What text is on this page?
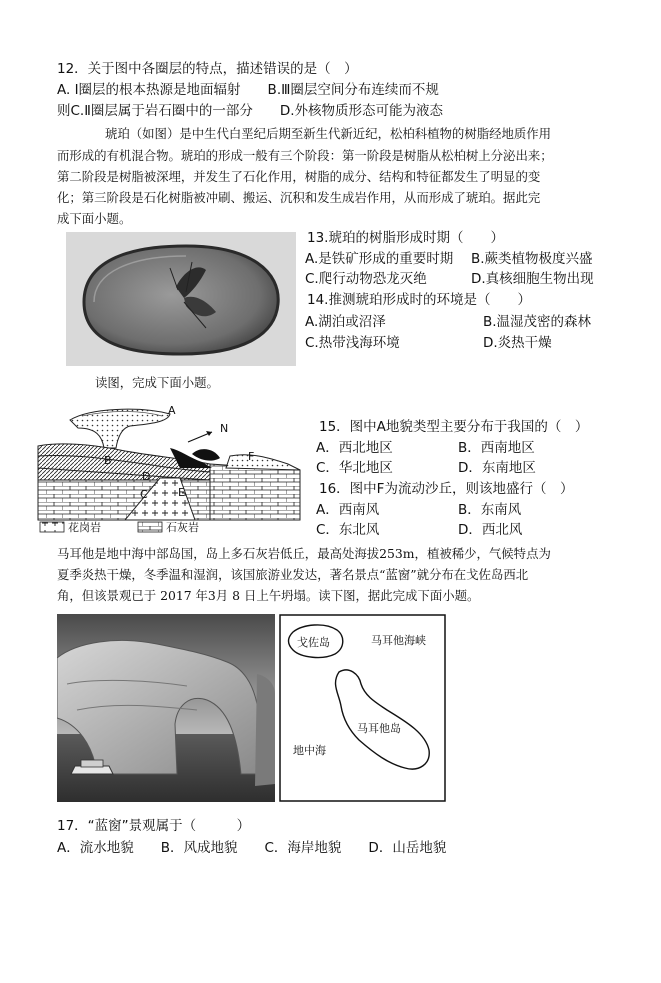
12．关于图中各圈层的特点，描述错误的是（　）
A. Ⅰ圈层的根本热源是地面辐射　　B.Ⅲ圈层空间分布连续而不规
则C.Ⅱ圈层属于岩石圈中的一部分　　D.外核物质形态可能为液态
琥珀（如图）是中生代白垩纪后期至新生代新近纪，松柏科植物的树脂经地质作用
而形成的有机混合物。琥珀的形成一般有三个阶段：第一阶段是树脂从松柏树上分泌出来；
第二阶段是树脂被深埋，并发生了石化作用，树脂的成分、结构和特征都发生了明显的变
化；第三阶段是石化树脂被冲刷、搬运、沉积和发生成岩作用，从而形成了琥珀。据此完
成下面小题。
13.琥珀的树脂形成时期（　　）
A.是铁矿形成的重要时期 B.蕨类植物极度兴盛
C.爬行动物恐龙灭绝	D.真核细胞生物出现
14.推测琥珀形成时的环境是（　　）
A.湖泊或沼泽	B.温湿茂密的森林
C.热带浅海环境	D.炎热干燥
读图，完成下面小题。
A
B
C
D
E
F
N
花岗岩	石灰岩
15．图中A地貌类型主要分布于我国的（　）
A．西北地区	B．西南地区
C．华北地区	D．东南地区
16．图中F为流动沙丘，则该地盛行（　）
A．西南风	B．东南风
C．东北风	D．西北风
马耳他是地中海中部岛国，岛上多石灰岩低丘，最高处海拔253m，植被稀少，气候特点为
夏季炎热干燥，冬季温和湿润，该国旅游业发达，著名景点“蓝窗”就分布在戈佐岛西北
角，但该景观已于 2017 年3月 8 日上午坍塌。读下图，据此完成下面小题。
戈佐岛	马耳他海峡
马耳他岛
地中海
17．“蓝窗”景观属于（　　　）
A．流水地貌　　B．风成地貌　　C．海岸地貌　　D．山岳地貌
